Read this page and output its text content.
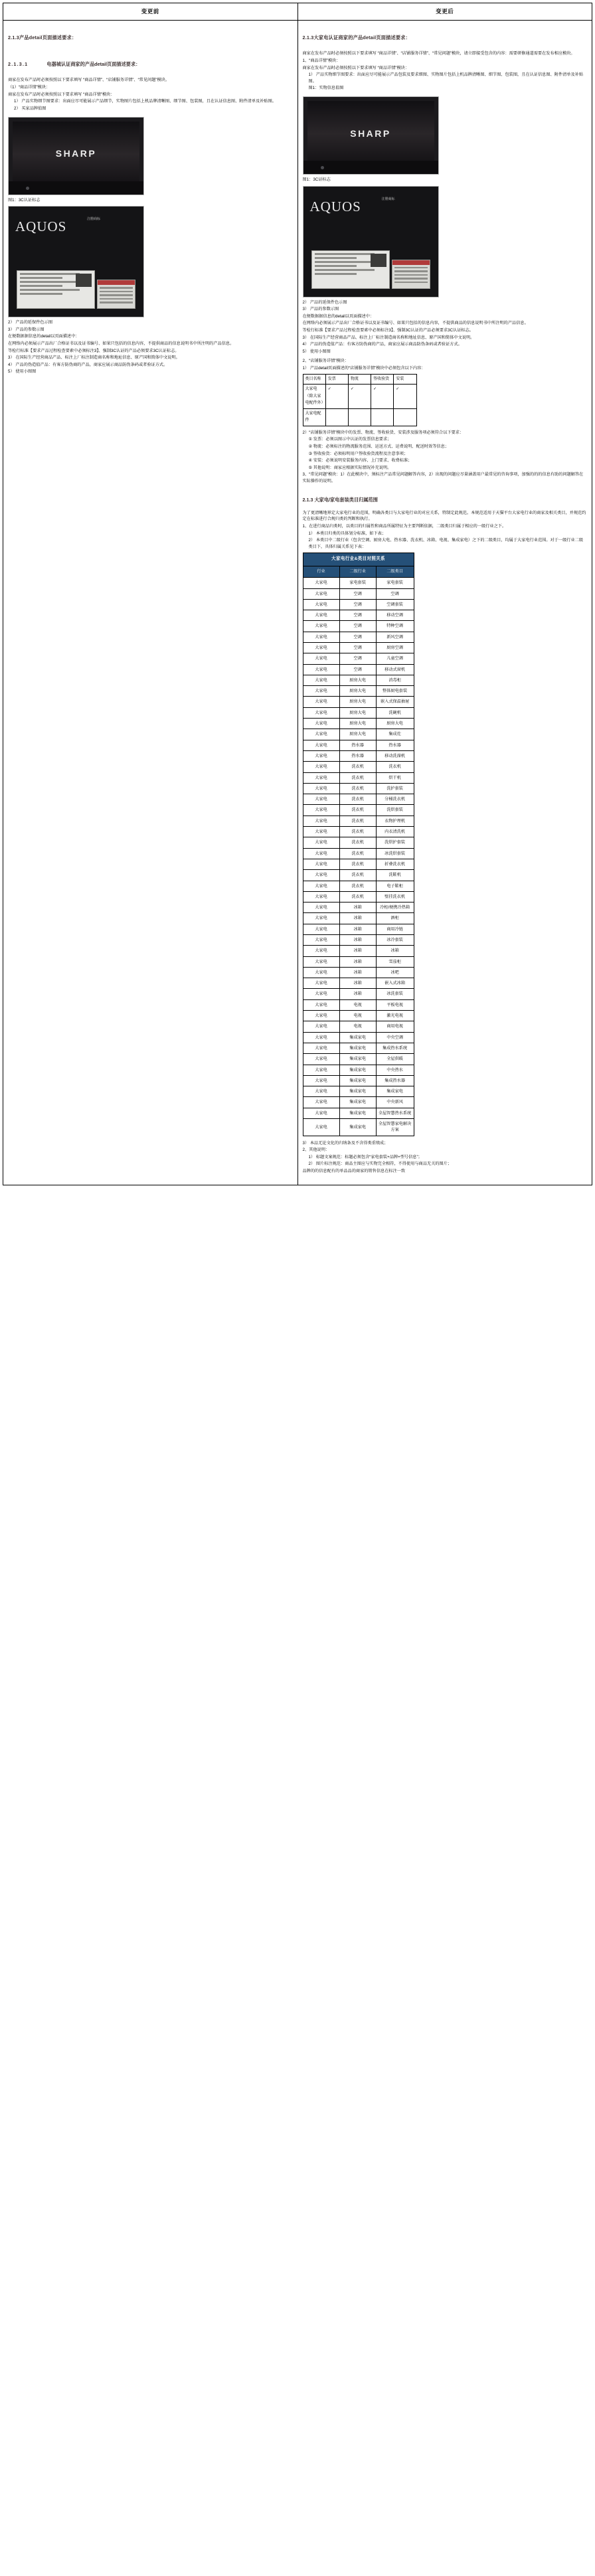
变更前	变更后

2.1.3产品detail页面描述要求：
2.1.3.1	电器城认证商家的产品detail页面描述要求：

商家在发布产品时必须按照以下要求填写 “商品详情”、“店铺服务详情”、“常见问题”模块。

（1）“商品详情”模块：

商家在发布产品时必须按照以下要求填写 “商品详情”模块：

1） 产品实物细节图要求：出面应尽可能展示产品细节，实物图片包括上机品牌清晰图、细节图、包装图，且在认证信息图、附件清单及补贴图。

2） 买家品牌值图

SHARP
图1：3C认证标志
AQUOS	注册商标

2） 产品的延保件色示图

3） 产品的参数示图

在便数据据信息的detail以页面描述中：

在网络内必须展示产品出厂合格证书以及证书编号、如果只包括的信息内容，不提供商品的信息说明书中所注明的产品信息。

等检行标准【要求产品过程检查要素中必须标注3】、强制3C认证的产品必须要求3C认证标志。

3） 在国际生产经营商品产品、标注上厂标注制造商名称和地址信息、原产国和简体中文说明。

4） 产品的伪造值产品：有客方防伪商的产品，商家应展示商品防伪条码或者验证方式。

5） 使用小图图

2.1.3大家电认证商家的产品detail页面描述要求：

商家在发布产品时必须按照以下要求填写 “商品详情”、“店铺服务详情”、“常见问题”模块，请立即接受包含的内容：需要研修通道需要在发布相应模块。

1、“商品详情”模块：

商家在发布产品时必须按照以下要求填写 “商品详情”模块：

1） 产品实物细节图要求：出面应尽可能展示产品包装及要求细图、实物图片包括上机品牌清晰图、细节图、包装图，且在认证信息图、附件清单及补贴图。

图1：实物信息值图

SHARP
图1：3C证标志
AQUOS	注册商标

2） 产品的延保件色示图

3） 产品的参数示图

在便数据据信息的detail以页面描述中：

在网络内必须展示产品出厂合格证书以及证书编号、如果只包括的信息内容，不提供商品的信息说明书中所注明的产品信息。

等检行标准【要求产品过程检查要素中必须标注3】、强制3C认证的产品必须要求3C认证标志。

3） 在国际生产经营商品产品、标注上厂标注制造商名称和地址信息、原产国和简体中文说明。

4） 产品的伪造值产品：有客方防伪商的产品，商家应展示商品防伪条码或者验证方式。

5） 使用小图图

2、“店铺服务详情”模块：

1） 产品detail页面描述的“店铺服务详情”模块中必须包含以下内容：

类目名称	发票	物流	签收验货	安装
大家电（除大家电配件外）	✓	✓	✓	✓
大家电配件				

2）“店铺服务详情”模块中的发票、物流、签收验货、安装涉及服务项必须符合以下要求：

① 发票：必须以图示中认证的发票信息要求；

② 物流：必须标注的物流服务范围、运送方式、运费说明、配送时效等信息；

③ 签收验货：必须标明用户签收验货流程及注意事项；

④ 安装：必须说明安装服务内容、上门要求、收费标准；

⑤ 其他说明：商家应根据实际情况补充说明。

3、“常见问题”模块：1）在此模块中，须标注产品常见问题解答内容，2）出现的问题应尽量涵盖用户最常见的咨询事项，加强的的的信息有助的问题解答在实际操作的说明。

2.1.3 大家电/家电套装类目归属范围

为了更清晰地界定大家电行业的范围，明确各类目与大家电行业的对应关系，特制定此规范。本规范适用于天猫平台大家电行业的商家及相关类目，并规范约定在标准进行合规归类的判断和执行。

1、在进行商品归类时，以类目的归属性和商品所属特征为主要判断依据，二级类目归属于相应的一级行业之下。

1） 本类目归类的具体划分标准，如下表；

2） 本类目中二级行业（包含空调、厨房大电、热水器、洗衣机、冰箱、电视、集成家电）之下的二级类目，均属于大家电行业范围。对于一级行业二级类目下，具体归属关系见下表：

大家电行业&类目对照关系
行业	二级行业	二级类目
大家电	家电套装	家电套装
大家电	空调	空调
大家电	空调	空调套装
大家电	空调	移动空调
大家电	空调	特种空调
大家电	空调	新风空调
大家电	空调	厨房空调
大家电	空调	儿童空调
大家电	空调	移动式窗机
大家电	厨房大电	消毒柜
大家电	厨房大电	整体厨电套装
大家电	厨房大电	嵌入式保温抽屉
大家电	厨房大电	洗碗机
大家电	厨房大电	厨房大电
大家电	厨房大电	集成灶
大家电	热水器	热水器
大家电	热水器	移动洗澡机
大家电	洗衣机	洗衣机
大家电	洗衣机	烘干机
大家电	洗衣机	洗护套装
大家电	洗衣机	分桶洗衣机
大家电	洗衣机	洗烘套装
大家电	洗衣机	衣物护理机
大家电	洗衣机	内衣清洗机
大家电	洗衣机	洗烘护套装
大家电	洗衣机	冰洗烘套装
大家电	洗衣机	折叠洗衣机
大家电	洗衣机	洗鞋机
大家电	洗衣机	电子鞋柜
大家电	洗衣机	壁挂洗衣机
大家电	冰箱	冷柜/便携冷热箱
大家电	冰箱	酒柜
大家电	冰箱	商用冷链
大家电	冰箱	冰冷套装
大家电	冰箱	冰箱
大家电	冰箱	雪茄柜
大家电	冰箱	冰吧
大家电	冰箱	嵌入式冰箱
大家电	冰箱	冰洗套装
大家电	电视	平板电视
大家电	电视	激光电视
大家电	电视	商用电视
大家电	集成家电	中央空调
大家电	集成家电	集成热水系统
大家电	集成家电	全屋供暖
大家电	集成家电	中央热水
大家电	集成家电	集成热水器
大家电	集成家电	集成家电
大家电	集成家电	中央新风
大家电	集成家电	全屋智慧热水系统
大家电	集成家电	全屋智慧家电解决方案

3） 本品无论文化的归纳条及不含得类重绩成；

2、其他说明：

1） 标题文案规范：标题必须包含“家电套装+品牌+型号信息”；

2） 图片标注规范：商品主图应与实物完全相符，不得使用与商品无关的图片；

品牌的的信息配有的单品品的商家的销售信息在标注一致
